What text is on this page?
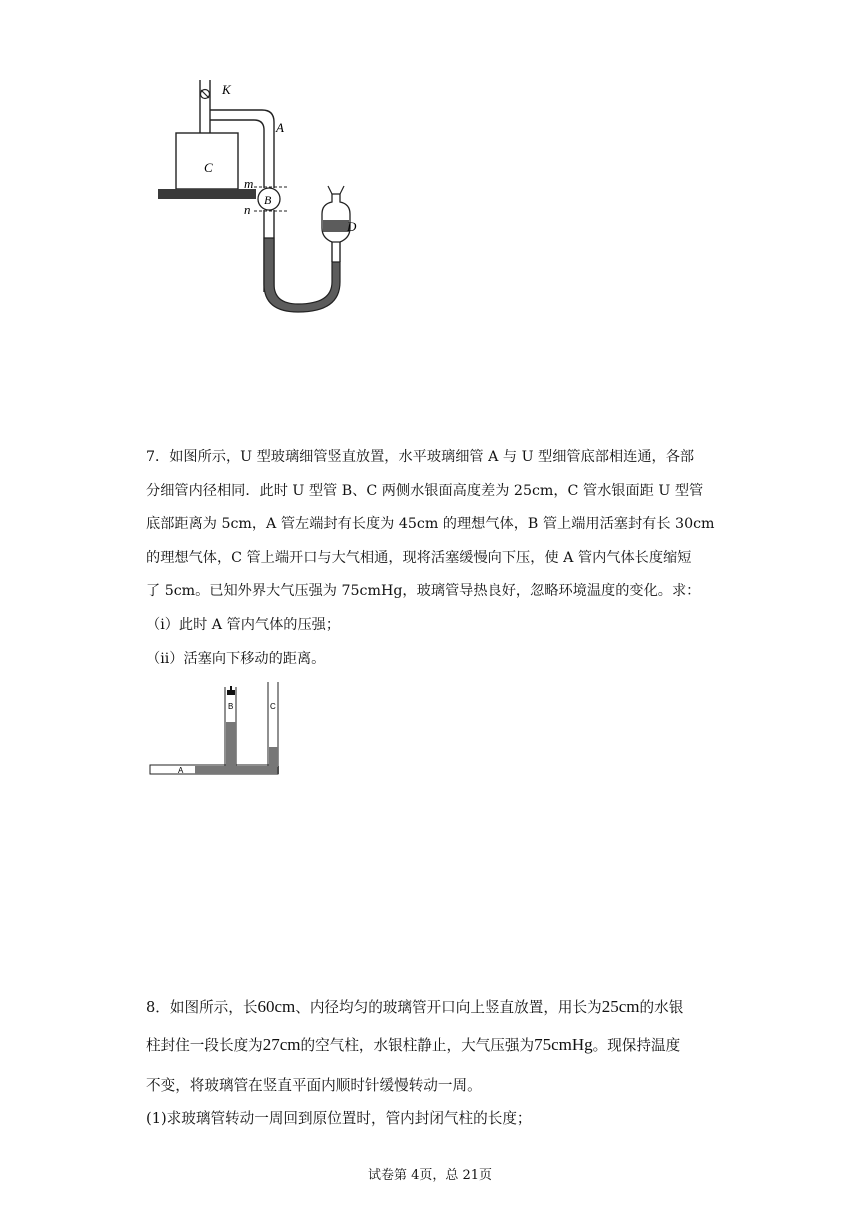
K
A
C
m
B
n
D
7．如图所示，U 型玻璃细管竖直放置，水平玻璃细管 A 与 U 型细管底部相连通，各部
分细管内径相同．此时 U 型管 B、C 两侧水银面高度差为 25cm，C 管水银面距 U 型管
底部距离为 5cm，A 管左端封有长度为 45cm 的理想气体，B 管上端用活塞封有长 30cm
的理想气体，C 管上端开口与大气相通，现将活塞缓慢向下压，使 A 管内气体长度缩短
了 5cm。已知外界大气压强为 75cmHg，玻璃管导热良好，忽略环境温度的变化。求：
（i）此时 A 管内气体的压强；
（ii）活塞向下移动的距离。
A
B	C
8．如图所示，长60cm、内径均匀的玻璃管开口向上竖直放置，用长为25cm的水银
柱封住一段长度为27cm的空气柱，水银柱静止，大气压强为75cmHg。现保持温度
不变，将玻璃管在竖直平面内顺时针缓慢转动一周。
(1)求玻璃管转动一周回到原位置时，管内封闭气柱的长度；
试卷第 4页，总 21页
